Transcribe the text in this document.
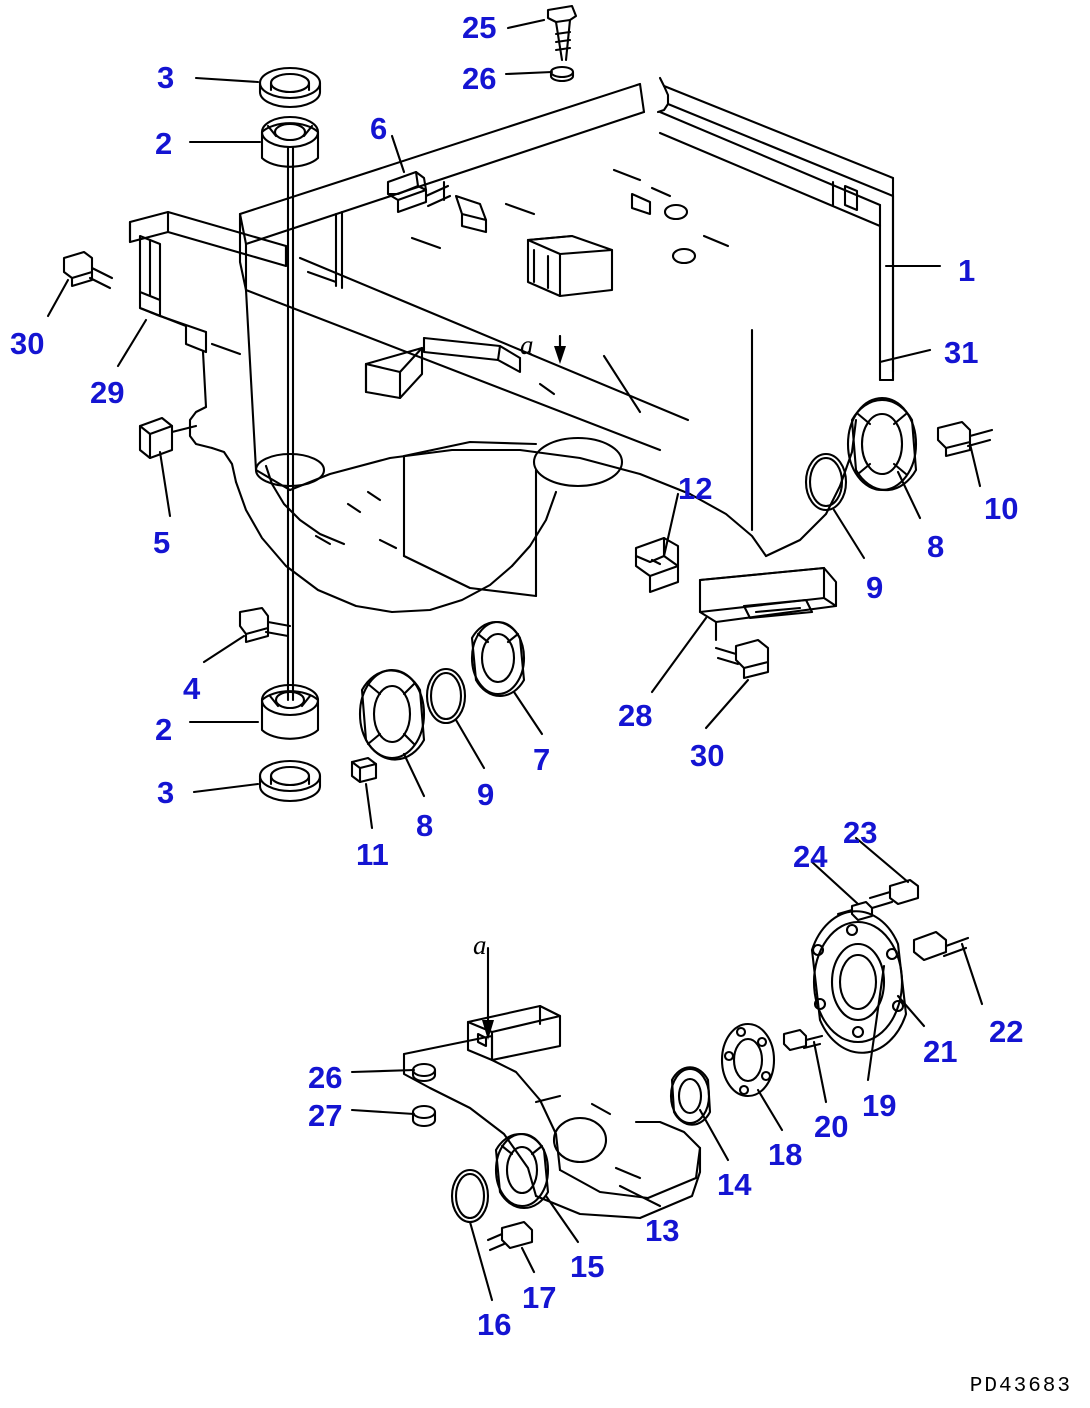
a
a
25
26
3
2	6
1
30
29
31
5
12
10
8
9
4
2
3
11
8
9
7
28
30
23
24
22
21
19
20
18
14
13
26
27
15
17
16
PD43683
